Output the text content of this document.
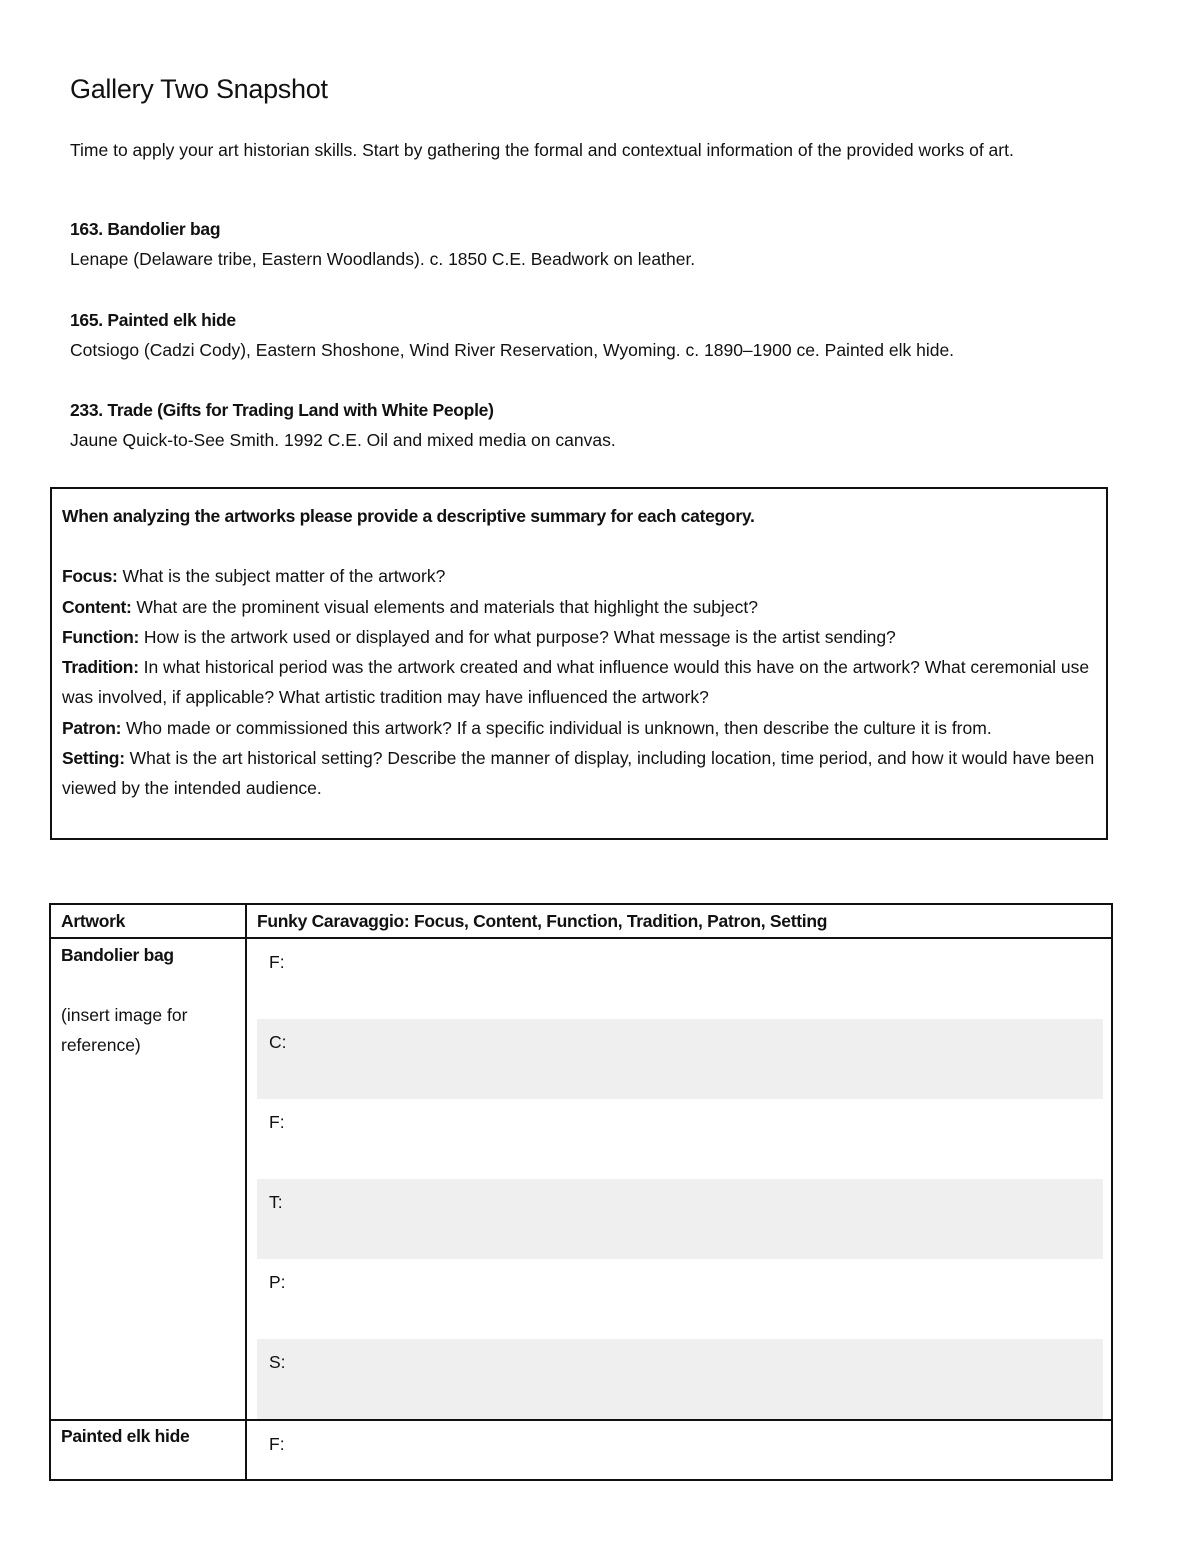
Gallery Two Snapshot

Time to apply your art historian skills. Start by gathering the formal and contextual information of the provided works of art.

163. Bandolier bag
Lenape (Delaware tribe, Eastern Woodlands). c. 1850 C.E. Beadwork on leather.
165. Painted elk hide
Cotsiogo (Cadzi Cody), Eastern Shoshone, Wind River Reservation, Wyoming. c. 1890–1900 ce. Painted elk hide.
233. Trade (Gifts for Trading Land with White People)
Jaune Quick-to-See Smith. 1992 C.E. Oil and mixed media on canvas.
When analyzing the artworks please provide a descriptive summary for each category.
Focus: What is the subject matter of the artwork?
Content: What are the prominent visual elements and materials that highlight the subject?
Function: How is the artwork used or displayed and for what purpose? What message is the artist sending?
Tradition: In what historical period was the artwork created and what influence would this have on the artwork? What ceremonial use was involved, if applicable? What artistic tradition may have influenced the artwork?
Patron: Who made or commissioned this artwork? If a specific individual is unknown, then describe the culture it is from.
Setting: What is the art historical setting? Describe the manner of display, including location, time period, and how it would have been viewed by the intended audience.
Artwork	Funky Caravaggio: Focus, Content, Function, Tradition, Patron, Setting
Bandolier bag
(insert image for reference)
F:
C:
F:
T:
P:
S:
Painted elk hide	F:
